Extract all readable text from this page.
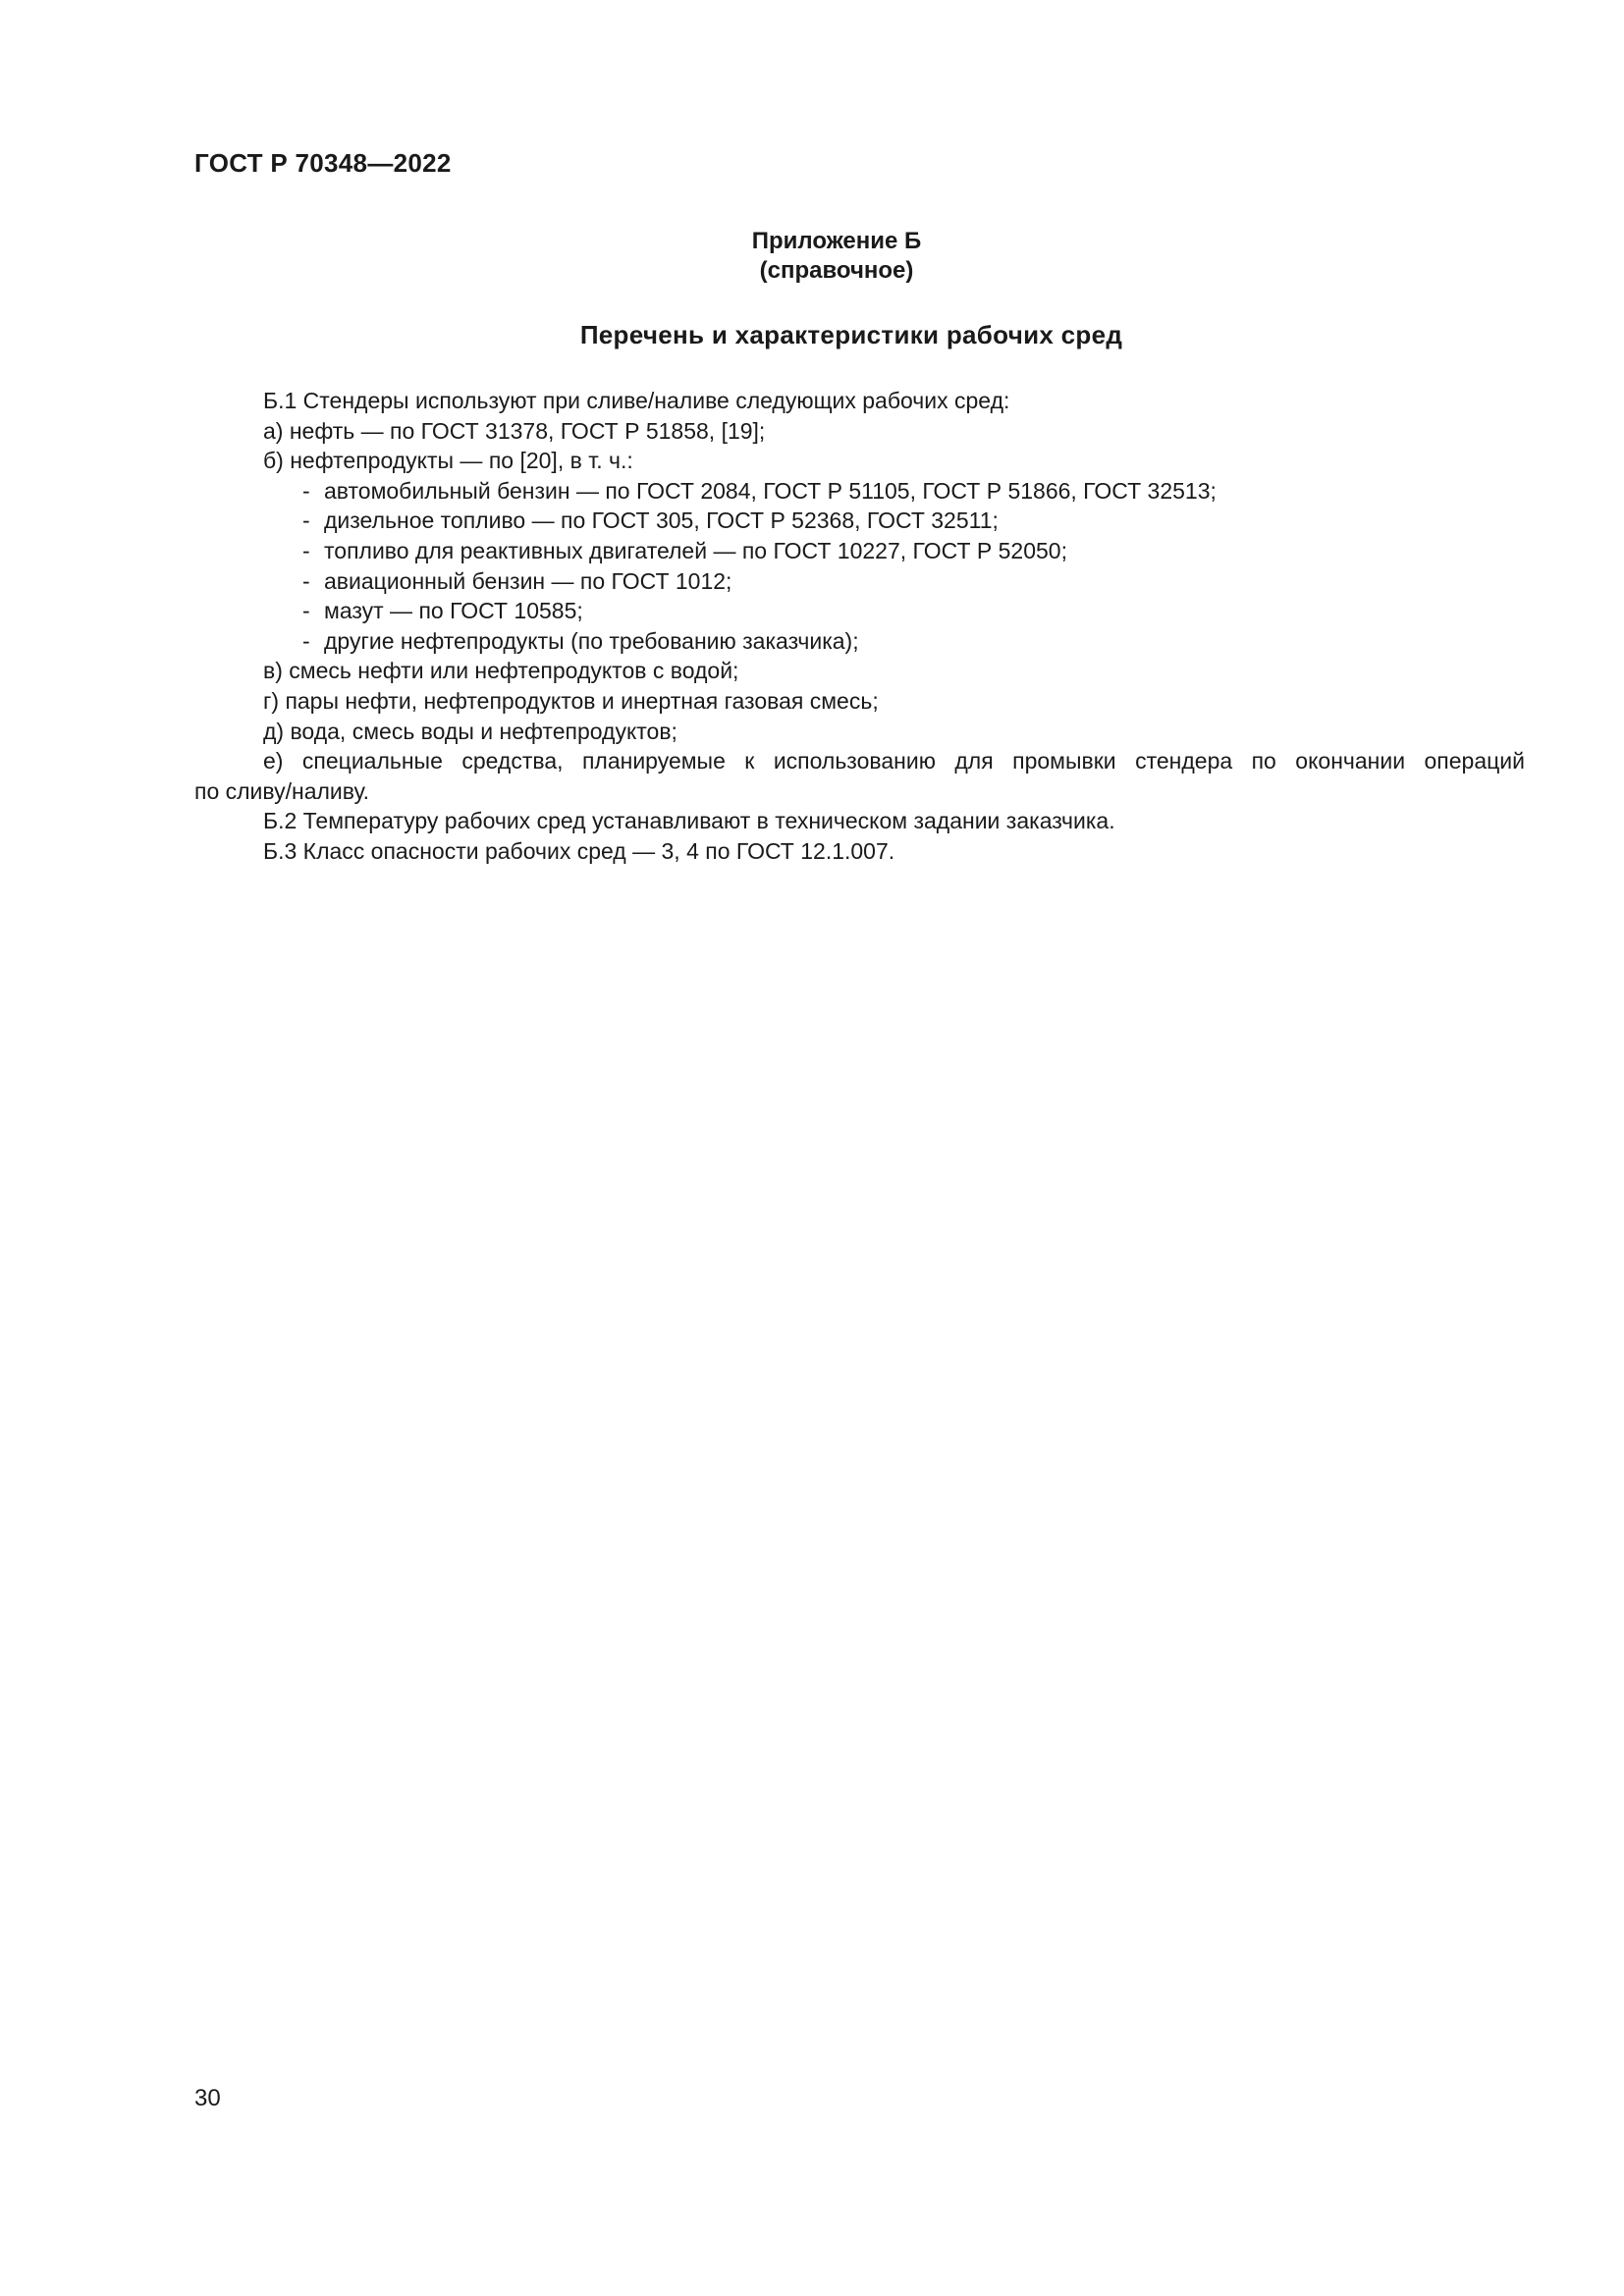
ГОСТ Р 70348—2022
Приложение Б
(справочное)
Перечень и характеристики рабочих сред
Б.1 Стендеры используют при сливе/наливе следующих рабочих сред:
а) нефть — по ГОСТ 31378, ГОСТ Р 51858, [19];
б) нефтепродукты — по [20], в т. ч.:
- автомобильный бензин — по ГОСТ 2084, ГОСТ Р 51105, ГОСТ Р 51866, ГОСТ 32513;
- дизельное топливо — по ГОСТ 305, ГОСТ Р 52368, ГОСТ 32511;
- топливо для реактивных двигателей — по ГОСТ 10227, ГОСТ Р 52050;
- авиационный бензин — по ГОСТ 1012;
- мазут — по ГОСТ 10585;
- другие нефтепродукты (по требованию заказчика);
в) смесь нефти или нефтепродуктов с водой;
г) пары нефти, нефтепродуктов и инертная газовая смесь;
д) вода, смесь воды и нефтепродуктов;
е) специальные средства, планируемые к использованию для промывки стендера по окончании операций
по сливу/наливу.
Б.2 Температуру рабочих сред устанавливают в техническом задании заказчика.
Б.3 Класс опасности рабочих сред — 3, 4 по ГОСТ 12.1.007.
30
